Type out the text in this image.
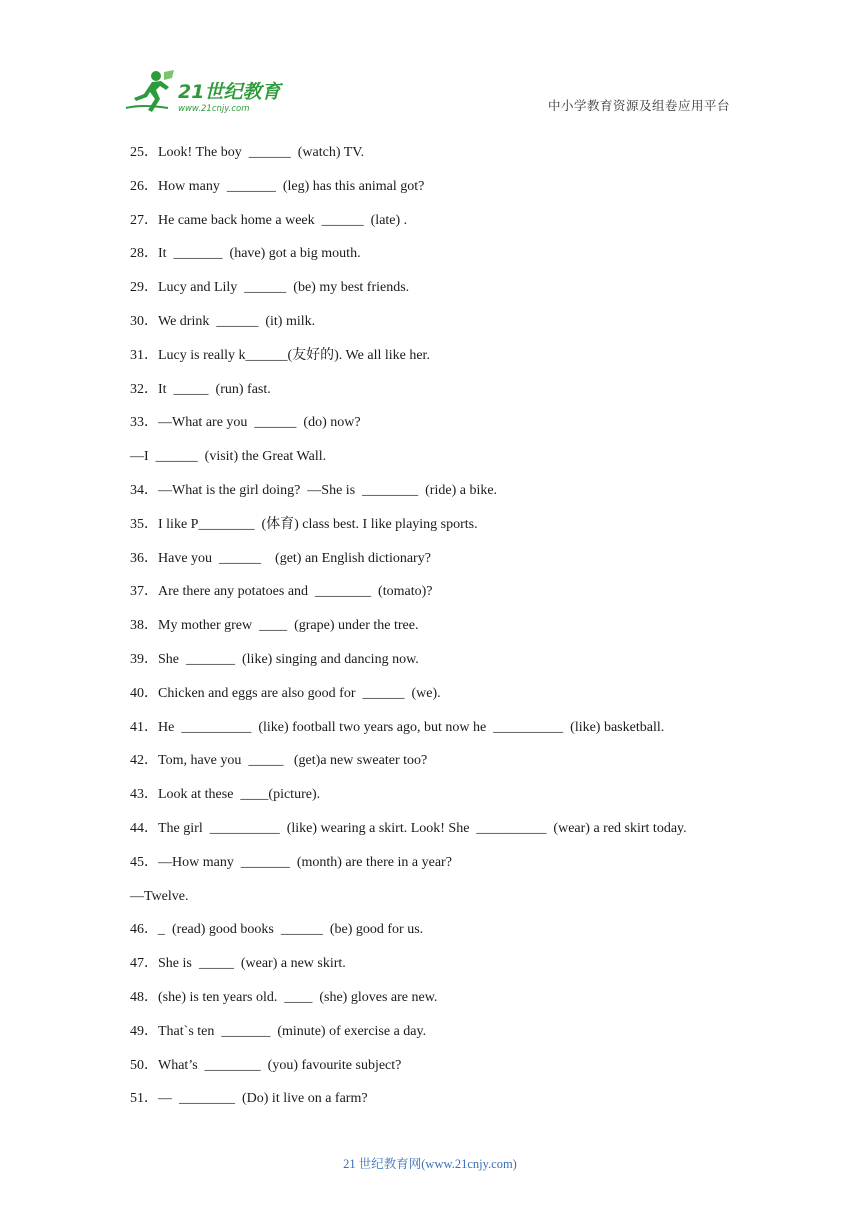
21世纪教育
www.21cnjy.com	中小学教育资源及组卷应用平台
25．Look! The boy  ______  (watch) TV.
26．How many  _______  (leg) has this animal got?
27．He came back home a week  ______  (late) .
28．It  _______  (have) got a big mouth.
29．Lucy and Lily  ______  (be) my best friends.
30．We drink  ______  (it) milk.
31．Lucy is really k______(友好的). We all like her.
32．It  _____  (run) fast.
33．—What are you  ______  (do) now?
—I  ______  (visit) the Great Wall.
34．—What is the girl doing?  —She is  ________  (ride) a bike.
35．I like P________  (体育) class best. I like playing sports.
36．Have you  ______    (get) an English dictionary?
37．Are there any potatoes and  ________  (tomato)?
38．My mother grew  ____  (grape) under the tree.
39．She  _______  (like) singing and dancing now.
40．Chicken and eggs are also good for  ______  (we).
41．He  __________  (like) football two years ago, but now he  __________  (like) basketball.
42．Tom, have you  _____   (get)a new sweater too?
43．Look at these  ____(picture).
44．The girl  __________  (like) wearing a skirt. Look! She  __________  (wear) a red skirt today.
45．—How many  _______  (month) are there in a year?
—Twelve.
46．_  (read) good books  ______  (be) good for us.
47．She is  _____  (wear) a new skirt.
48．(she) is ten years old.  ____  (she) gloves are new.
49．That`s ten  _______  (minute) of exercise a day.
50．What’s  ________  (you) favourite subject?
51．—  ________  (Do) it live on a farm?
21 世纪教育网(www.21cnjy.com)
